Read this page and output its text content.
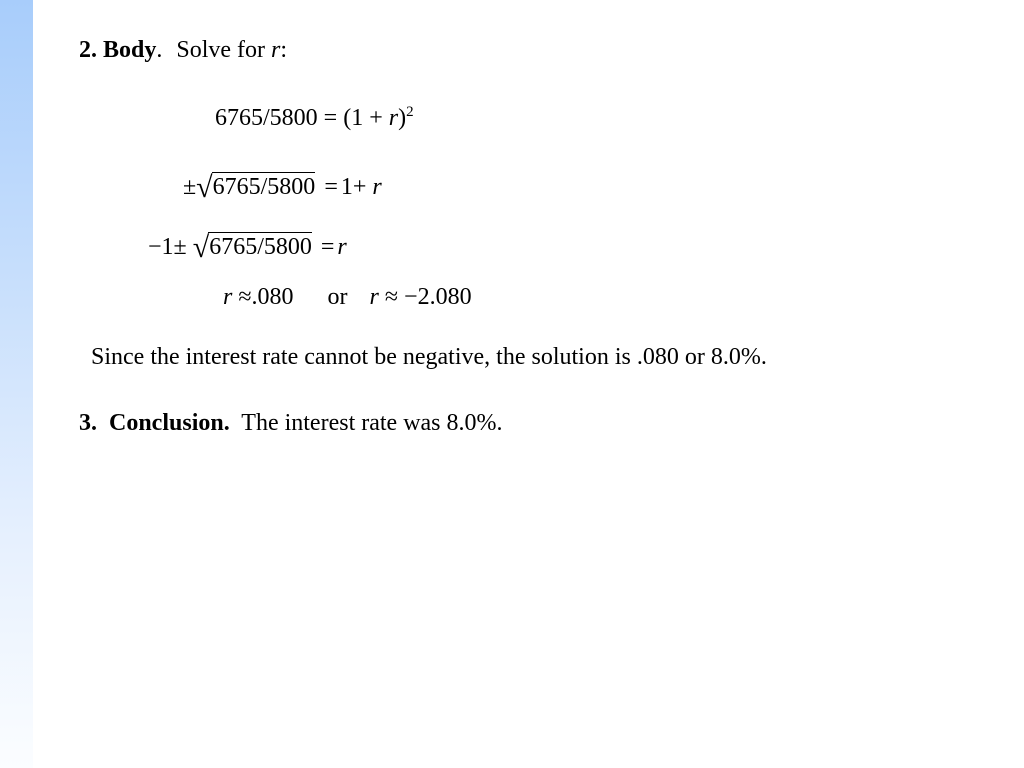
2. Body. Solve for r:
$6765/5800 = (1 + r)^2$
±√6765/5800 = 1+ r
−1± √6765/5800 = r
r ≈.080 or r ≈ −2.080
Since the interest rate cannot be negative, the solution is .080 or 8.0%.
3. Conclusion. The interest rate was 8.0%.
